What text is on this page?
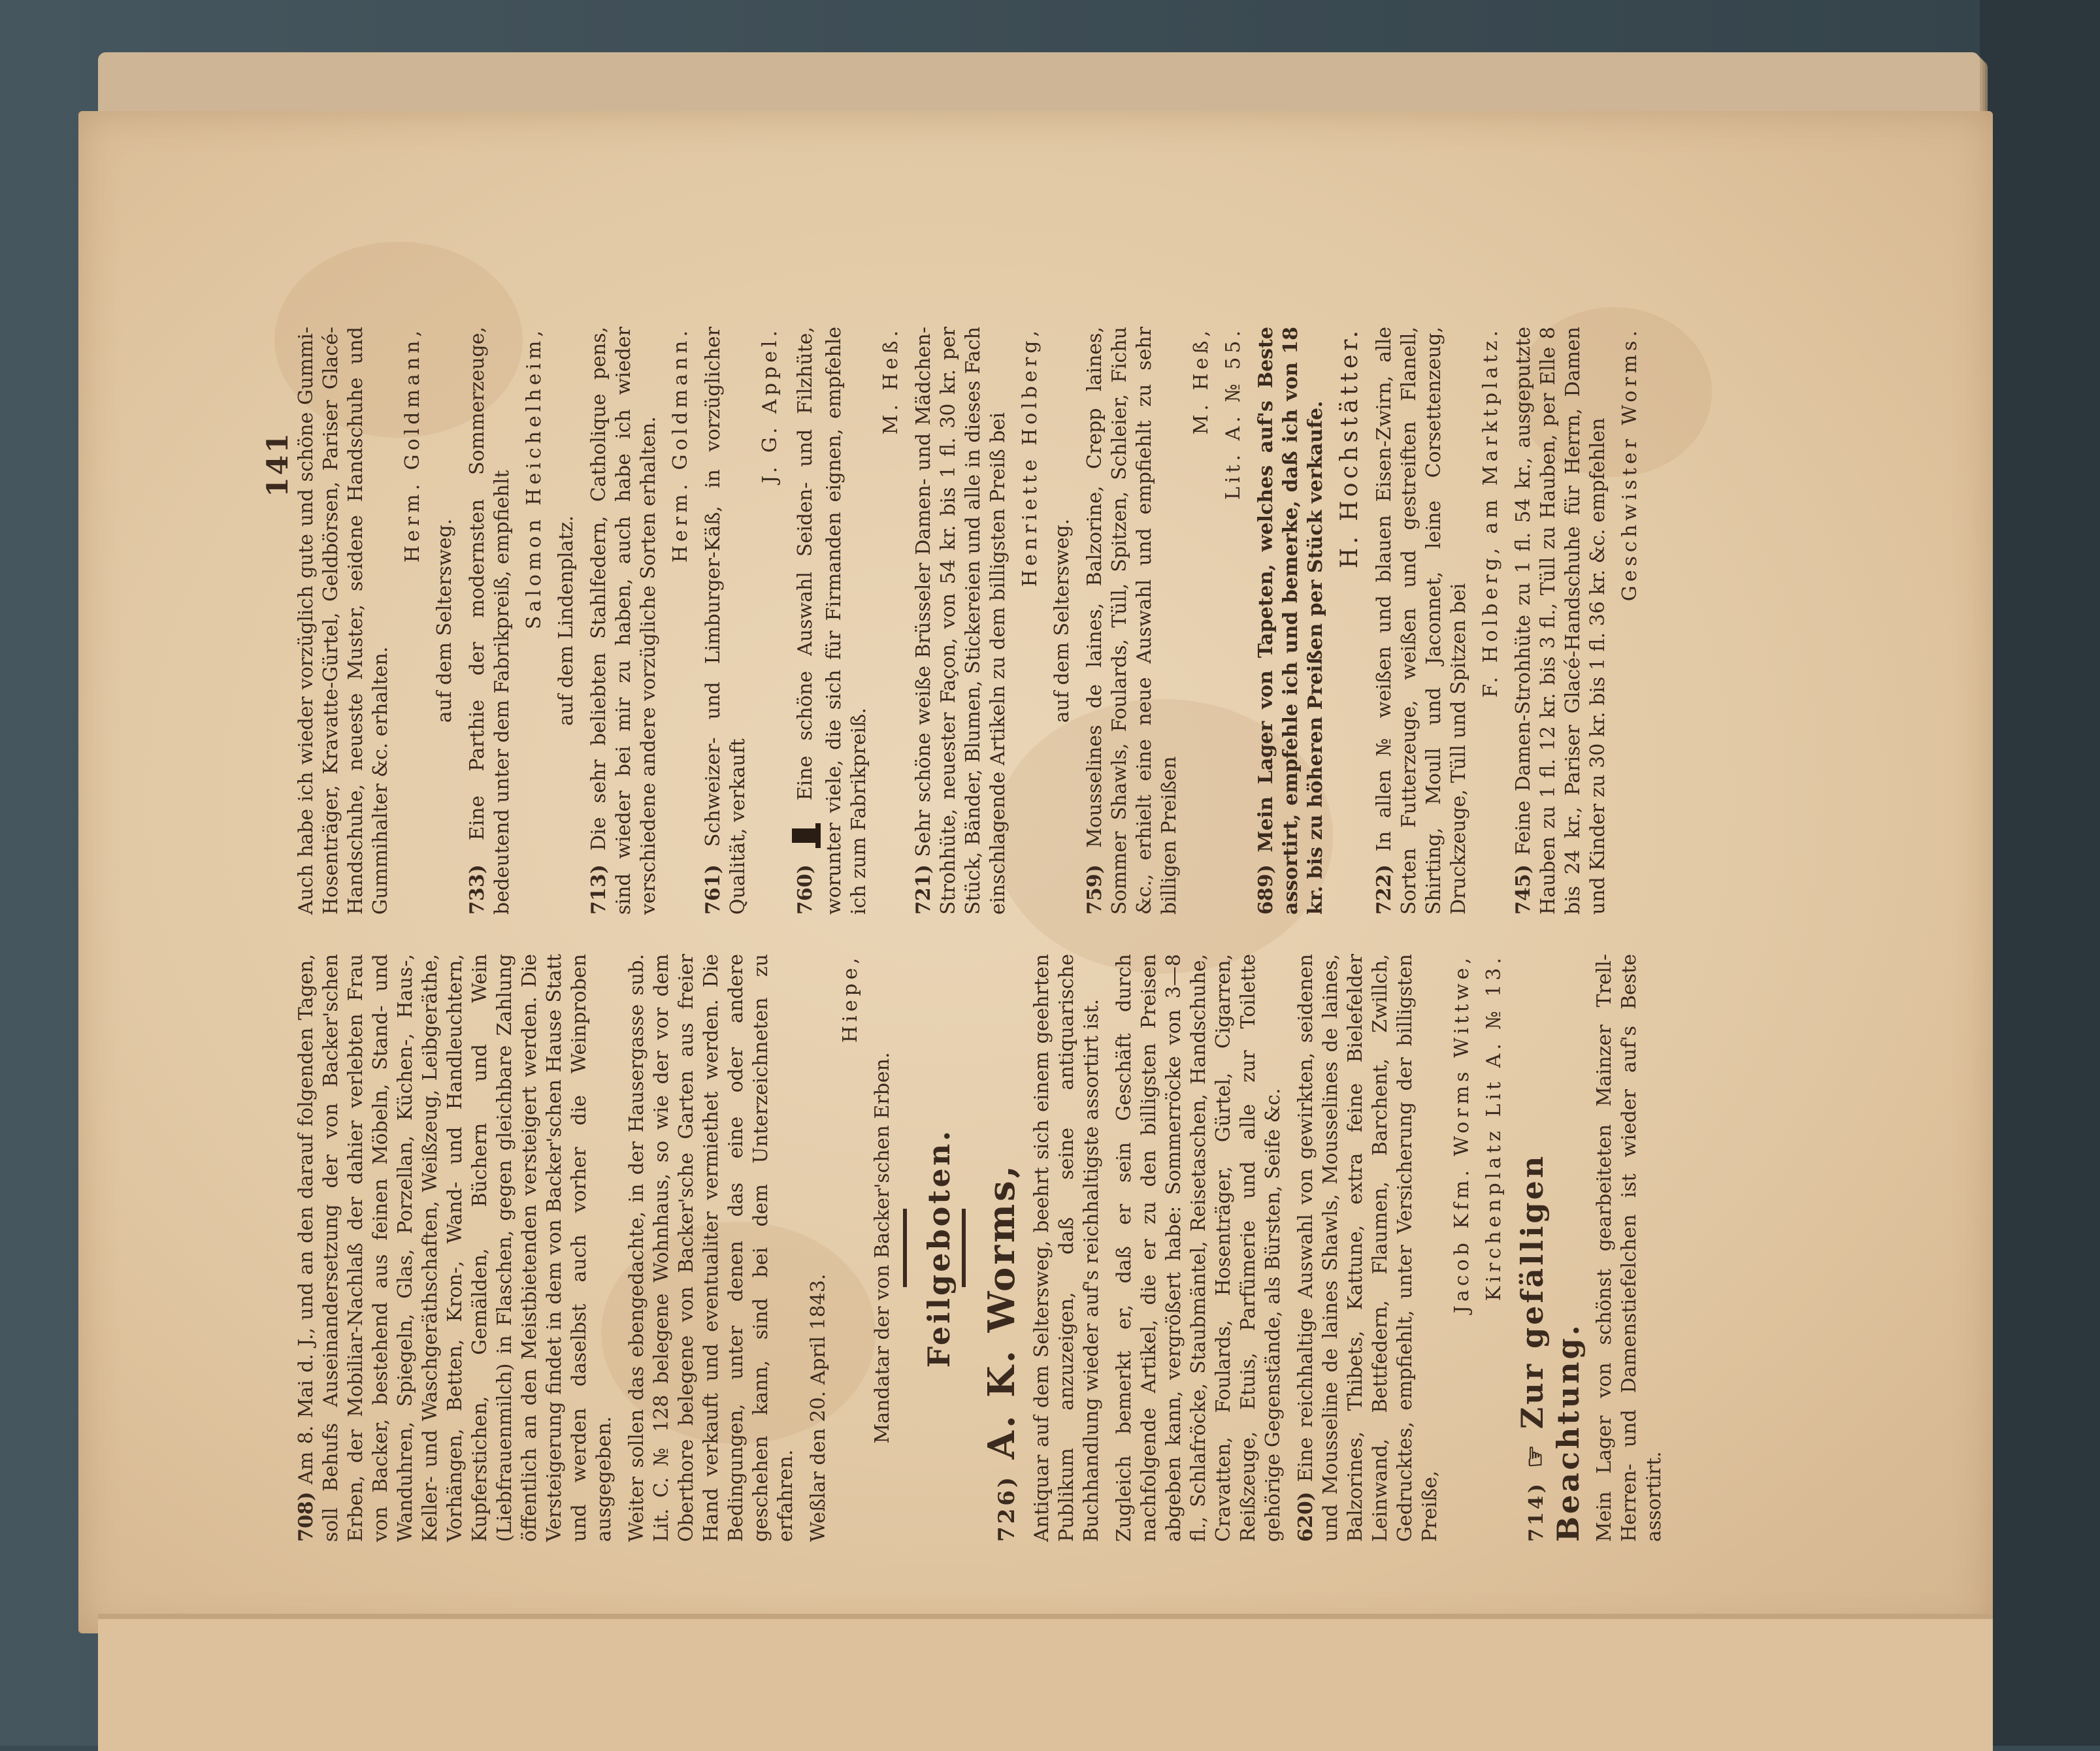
141

708) Am 8. Mai d. J., und an den darauf folgenden Tagen, soll Behufs Auseinandersetzung der von Backer'schen Erben, der Mobiliar-Nachlaß der dahier verlebten Frau von Backer, bestehend aus feinen Möbeln, Stand- und Wanduhren, Spiegeln, Glas, Porzellan, Küchen-, Haus-, Keller- und Waschgeräthschaften, Weißzeug, Leibgeräthe, Vorhängen, Betten, Kron-, Wand- und Handleuchtern, Kupferstichen, Gemälden, Büchern und Wein (Liebfrauenmilch) in Flaschen, gegen gleichbare Zahlung öffentlich an den Meistbietenden versteigert werden. Die Versteigerung findet in dem von Backer'schen Hause Statt und werden daselbst auch vorher die Weinproben ausgegeben. Weiter sollen das ebengedachte, in der Hausergasse sub. Lit. C. № 128 belegene Wohnhaus, so wie der vor dem Oberthore belegene von Backer'sche Garten aus freier Hand verkauft und eventualiter vermiethet werden. Die Bedingungen, unter denen das eine oder andere geschehen kann, sind bei dem Unterzeichneten zu erfahren. Weßlar den 20. April 1843.

Hiepe,
Mandatar der von Backer'schen Erben. Feilgeboten.
726) A. K. Worms, Antiquar auf dem Seltersweg, beehrt sich einem geehrten Publikum anzuzeigen, daß seine antiquarische Buchhandlung wieder auf's reichhaltigste assortirt ist. Zugleich bemerkt er, daß er sein Geschäft durch nachfolgende Artikel, die er zu den billigsten Preisen abgeben kann, vergrößert habe: Sommerröcke von 3—8 fl., Schlafröcke, Staubmäntel, Reisetaschen, Handschuhe, Cravatten, Foulards, Hosenträger, Gürtel, Cigarren, Reißzeuge, Etuis, Parfümerie und alle zur Toilette gehörige Gegenstände, als Bürsten, Seife &c. 620) Eine reichhaltige Auswahl von gewirkten, seidenen und Mousseline de laines Shawls, Mousselines de laines, Balzorines, Thibets, Kattune, extra feine Bielefelder Leinwand, Bettfedern, Flaumen, Barchent, Zwillch, Gedrucktes, empfiehlt, unter Versicherung der billigsten Preiße,

Jacob Kfm. Worms Wittwe, Kirchenplatz Lit A. № 13.
714) ☞ Zur gefälligen Beachtung. Mein Lager von schönst gearbeiteten Mainzer Trell-Herren- und Damenstiefelchen ist wieder auf's Beste assortirt.

Auch habe ich wieder vorzüglich gute und schöne Gummi-Hosenträger, Kravatte-Gürtel, Geldbörsen, Pariser Glacé-Handschuhe, neueste Muster, seidene Handschuhe und Gummihalter &c. erhalten.

Herm. Goldmann,
auf dem Seltersweg.

733) Eine Parthie der modernsten Sommerzeuge, bedeutend unter dem Fabrikpreiß, empfiehlt Salomon Heichelheim, auf dem Lindenplatz.

713) Die sehr beliebten Stahlfedern, Catholique pens, sind wieder bei mir zu haben, auch habe ich wieder verschiedene andere vorzügliche Sorten erhalten. Herm. Goldmann.

761) Schweizer- und Limburger-Käß, in vorzüglicher Qualität, verkauft

J. G. Appel.

760)  Eine schöne Auswahl Seiden- und Filzhüte, worunter viele, die sich für Firmanden eignen, empfehle ich zum Fabrikpreiß.

M. Heß.

721) Sehr schöne weiße Brüsseler Damen- und Mädchen-Strohhüte, neuester Façon, von 54 kr. bis 1 fl. 30 kr. per Stück, Bänder, Blumen, Stickereien und alle in dieses Fach einschlagende Artikeln zu dem billigsten Preiß bei Henriette Holberg,
auf dem Seltersweg.

759) Mousselines de laines, Balzorine, Crepp laines, Sommer Shawls, Foulards, Tüll, Spitzen, Schleier, Fichu &c., erhielt eine neue Auswahl und empfiehlt zu sehr billigen Preißen

M. Heß, Lit. A. № 55.

689) Mein Lager von Tapeten, welches auf's Beste assortirt, empfehle ich und bemerke, daß ich von 18 kr. bis zu höheren Preißen per Stück verkaufe. H. Hochstätter.

722) In allen № weißen und blauen Eisen-Zwirn, alle Sorten Futterzeuge, weißen und gestreiften Flanell, Shirting, Moull und Jaconnet, leine Corsettenzeug, Druckzeuge, Tüll und Spitzen bei

F. Holberg, am Marktplatz.

745) Feine Damen-Strohhüte zu 1 fl. 54 kr., ausgeputzte Hauben zu 1 fl. 12 kr. bis 3 fl., Tüll zu Hauben, per Elle 8 bis 24 kr., Pariser Glacé-Handschuhe für Herrn, Damen und Kinder zu 30 kr. bis 1 fl. 36 kr. &c. empfehlen Geschwister Worms.
